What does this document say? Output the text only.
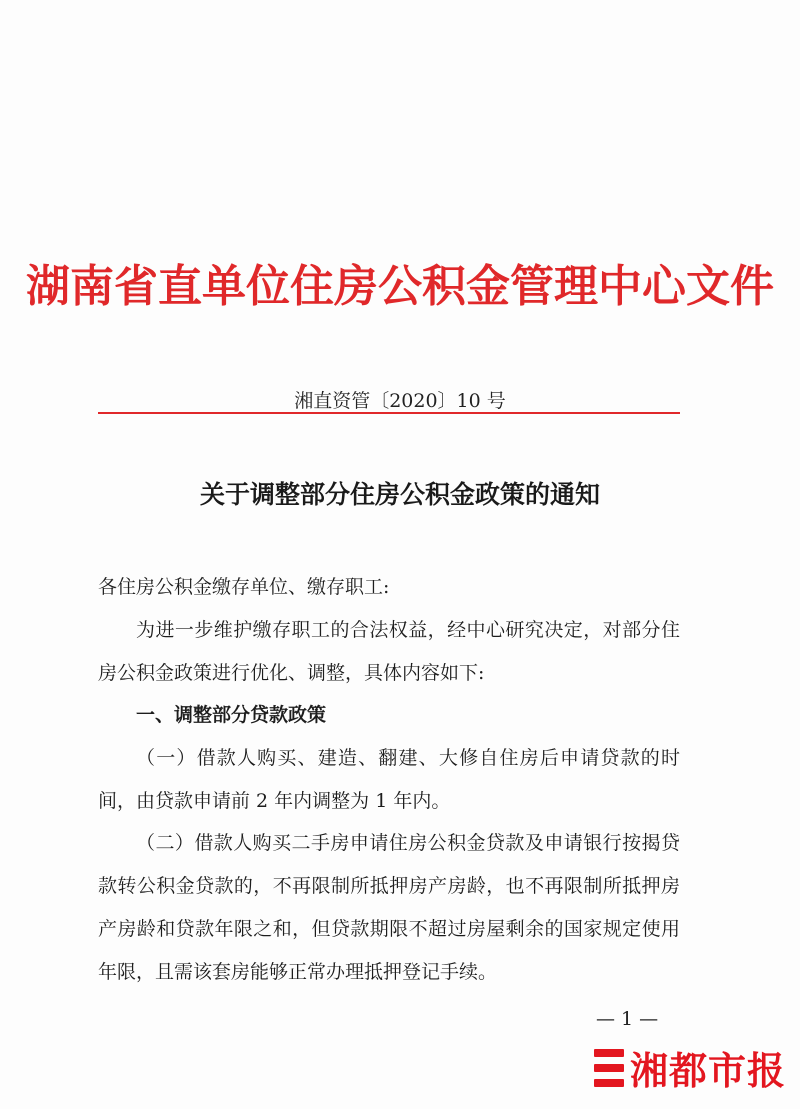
湖南省直单位住房公积金管理中心文件
湘直资管〔2020〕10 号
关于调整部分住房公积金政策的通知
各住房公积金缴存单位、缴存职工:
为进一步维护缴存职工的合法权益，经中心研究决定，对部分住房公积金政策进行优化、调整，具体内容如下:
一、调整部分贷款政策
（一）借款人购买、建造、翻建、大修自住房后申请贷款的时间，由贷款申请前 2 年内调整为 1 年内。
（二）借款人购买二手房申请住房公积金贷款及申请银行按揭贷款转公积金贷款的，不再限制所抵押房产房龄，也不再限制所抵押房产房龄和贷款年限之和，但贷款期限不超过房屋剩余的国家规定使用年限，且需该套房能够正常办理抵押登记手续。
— 1 —
湘都市报
